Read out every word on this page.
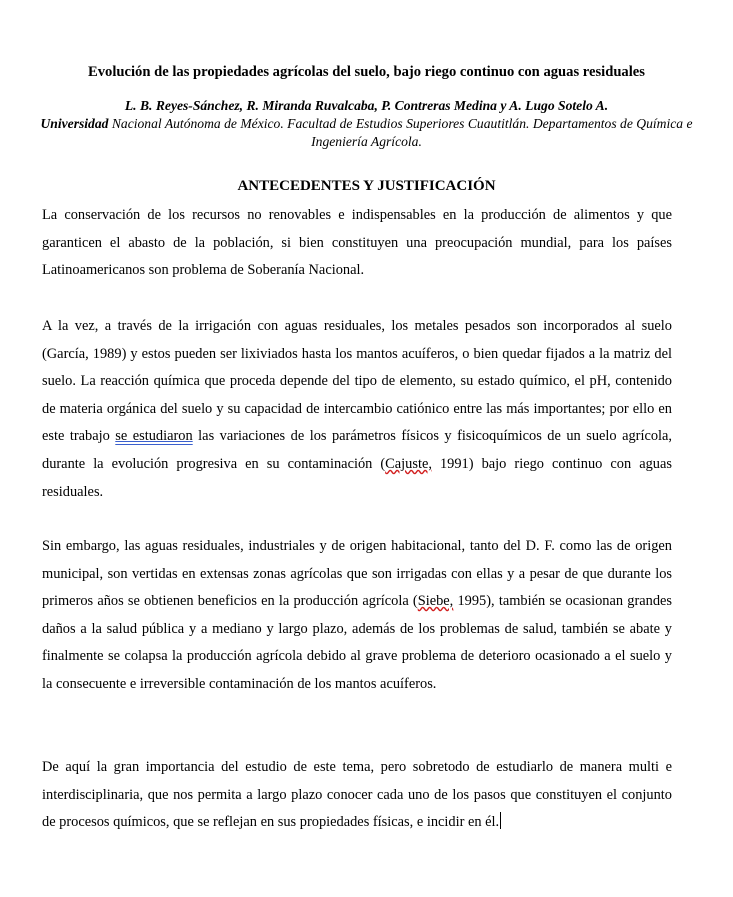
Evolución de las propiedades agrícolas del suelo, bajo riego continuo con aguas residuales
L. B. Reyes-Sánchez, R. Miranda Ruvalcaba, P. Contreras Medina y A. Lugo Sotelo A.
Universidad Nacional Autónoma de México. Facultad de Estudios Superiores Cuautitlán. Departamentos de Química e Ingeniería Agrícola.
ANTECEDENTES Y JUSTIFICACIÓN

La conservación de los recursos no renovables e indispensables en la producción de alimentos y que garanticen el abasto de la población, si bien constituyen una preocupación mundial, para los países Latinoamericanos son problema de Soberanía Nacional.

A la vez, a través de la irrigación con aguas residuales, los metales pesados son incorporados al suelo (García, 1989) y estos pueden ser lixiviados hasta los mantos acuíferos, o bien quedar fijados a la matriz del suelo. La reacción química que proceda depende del tipo de elemento, su estado químico, el pH, contenido de materia orgánica del suelo y su capacidad de intercambio catiónico entre las más importantes; por ello en este trabajo se estudiaron las variaciones de los parámetros físicos y fisicoquímicos de un suelo agrícola, durante la evolución progresiva en su contaminación (Cajuste, 1991) bajo riego continuo con aguas residuales.

Sin embargo, las aguas residuales, industriales y de origen habitacional, tanto del D. F. como las de origen municipal, son vertidas en extensas zonas agrícolas que son irrigadas con ellas y a pesar de que durante los primeros años se obtienen beneficios en la producción agrícola (Siebe, 1995), también se ocasionan grandes daños a la salud pública y a mediano y largo plazo, además de los problemas de salud, también se abate y finalmente se colapsa la producción agrícola debido al grave problema de deterioro ocasionado a el suelo y la consecuente e irreversible contaminación de los mantos acuíferos.

De aquí la gran importancia del estudio de este tema, pero sobretodo de estudiarlo de manera multi e interdisciplinaria, que nos permita a largo plazo conocer cada uno de los pasos que constituyen el conjunto de procesos químicos, que se reflejan en sus propiedades físicas, e incidir en él.
